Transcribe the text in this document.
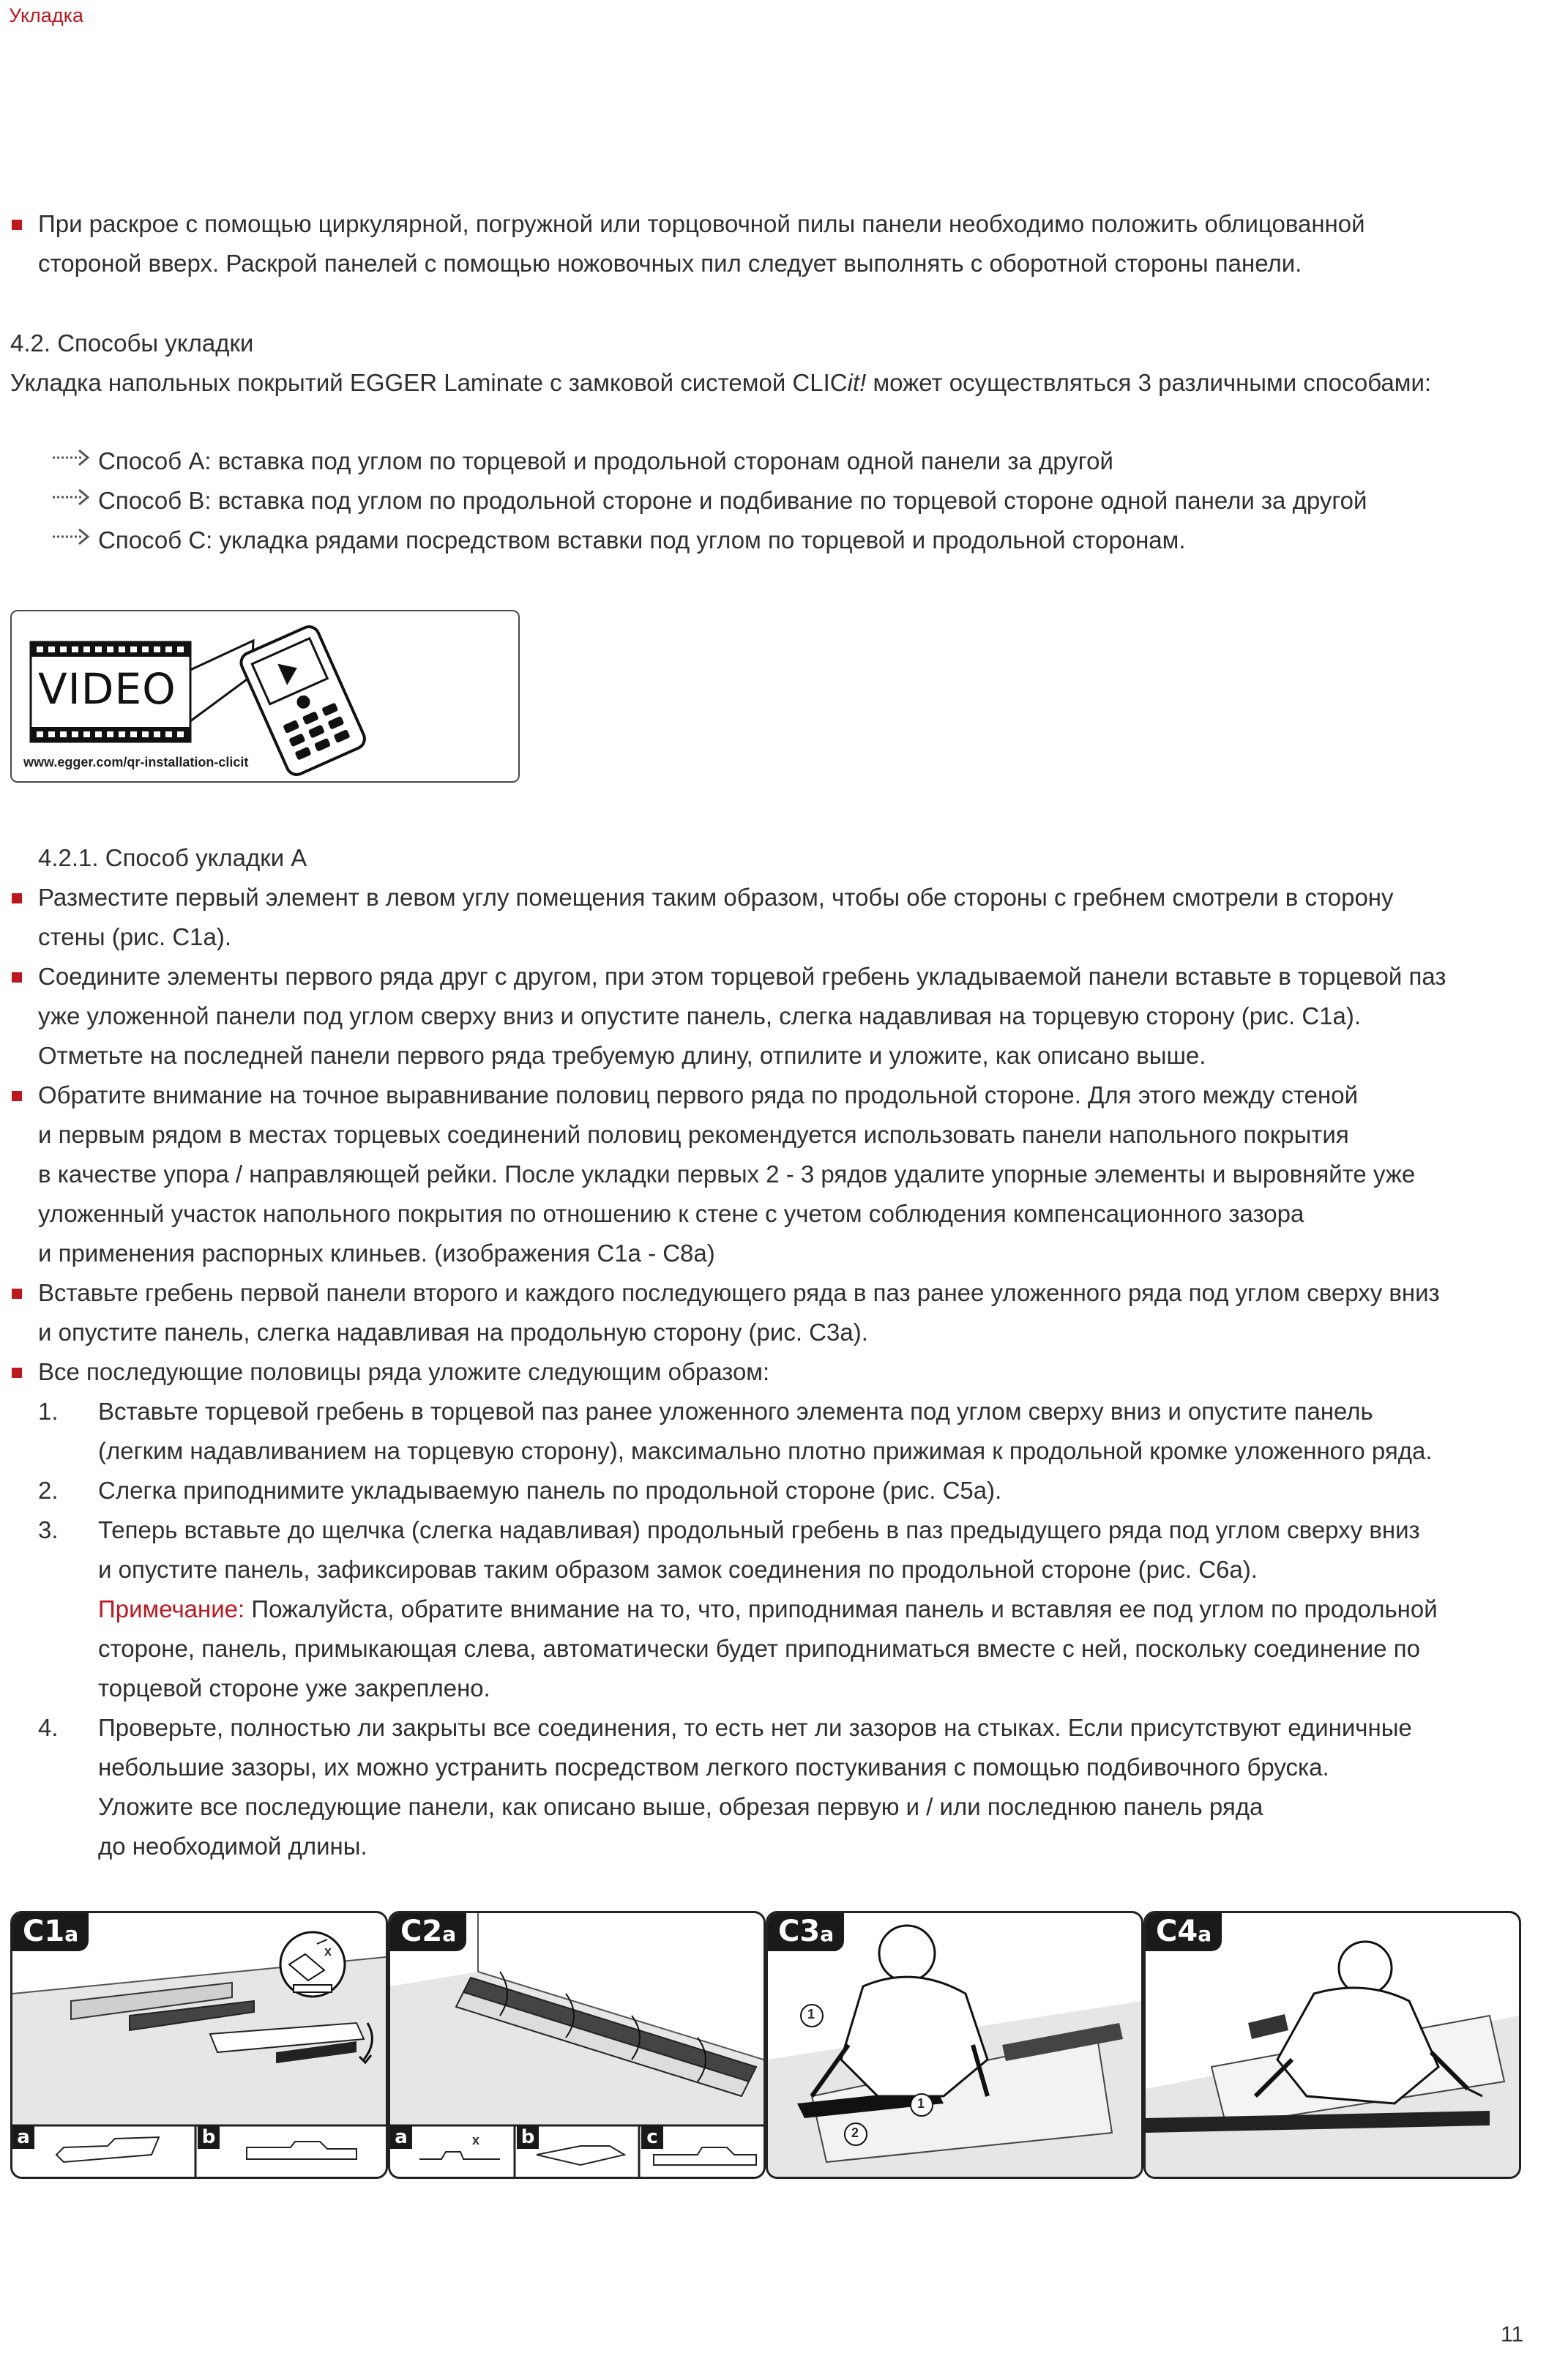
Укладка
При раскрое с помощью циркулярной, погружной или торцовочной пилы панели необходимо положить облицованной
стороной вверх. Раскрой панелей с помощью ножовочных пил следует выполнять с оборотной стороны панели.
4.2. Способы укладки
Укладка напольных покрытий EGGER Laminate с замковой системой CLICit! может осуществляться 3 различными способами:
Способ A: вставка под углом по торцевой и продольной сторонам одной панели за другой
Способ B: вставка под углом по продольной стороне и подбивание по торцевой стороне одной панели за другой
Способ C: укладка рядами посредством вставки под углом по торцевой и продольной сторонам.
VIDEO
www.egger.com/qr-installation-clicit
4.2.1. Способ укладки A
Разместите первый элемент в левом углу помещения таким образом, чтобы обе стороны с гребнем смотрели в сторону
стены (рис. C1a).
Соедините элементы первого ряда друг с другом, при этом торцевой гребень укладываемой панели вставьте в торцевой паз
уже уложенной панели под углом сверху вниз и опустите панель, слегка надавливая на торцевую сторону (рис. C1a).
Отметьте на последней панели первого ряда требуемую длину, отпилите и уложите, как описано выше.
Обратите внимание на точное выравнивание половиц первого ряда по продольной стороне. Для этого между стеной
и первым рядом в местах торцевых соединений половиц рекомендуется использовать панели напольного покрытия
в качестве упора / направляющей рейки. После укладки первых 2 - 3 рядов удалите упорные элементы и выровняйте уже
уложенный участок напольного покрытия по отношению к стене с учетом соблюдения компенсационного зазора
и применения распорных клиньев. (изображения C1a - C8a)
Вставьте гребень первой панели второго и каждого последующего ряда в паз ранее уложенного ряда под углом сверху вниз
и опустите панель, слегка надавливая на продольную сторону (рис. C3a).
Все последующие половицы ряда уложите следующим образом:
1. Вставьте торцевой гребень в торцевой паз ранее уложенного элемента под углом сверху вниз и опустите панель
(легким надавливанием на торцевую сторону), максимально плотно прижимая к продольной кромке уложенного ряда.
2. Слегка приподнимите укладываемую панель по продольной стороне (рис. C5a).
3. Теперь вставьте до щелчка (слегка надавливая) продольный гребень в паз предыдущего ряда под углом сверху вниз
и опустите панель, зафиксировав таким образом замок соединения по продольной стороне (рис. C6a).
Примечание: Пожалуйста, обратите внимание на то, что, приподнимая панель и вставляя ее под углом по продольной
стороне, панель, примыкающая слева, автоматически будет приподниматься вместе с ней, поскольку соединение по
торцевой стороне уже закреплено.
4. Проверьте, полностью ли закрыты все соединения, то есть нет ли зазоров на стыках. Если присутствуют единичные
небольшие зазоры, их можно устранить посредством легкого постукивания с помощью подбивочного бруска.
Уложите все последующие панели, как описано выше, обрезая первую и / или последнюю панель ряда
до необходимой длины.
C1a
x
a	b
C2a
x
a	b	c
C3a
1
1
2
C4a
11
